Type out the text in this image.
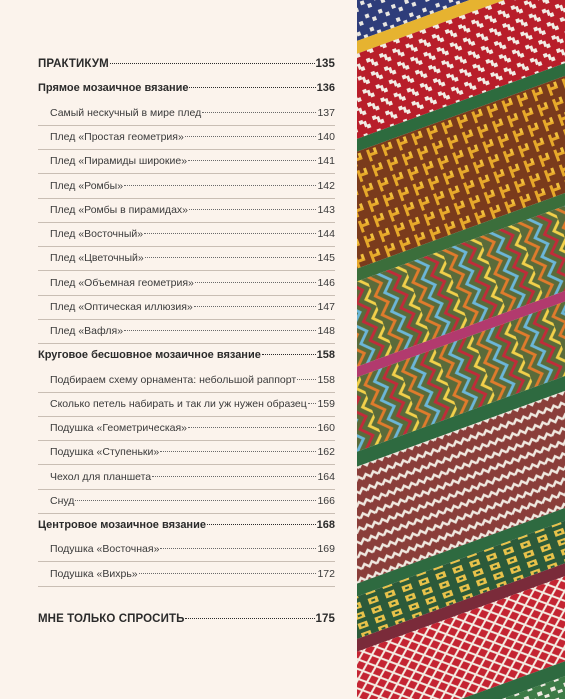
ПРАКТИКУМ	135
Прямое мозаичное вязание	136
Самый нескучный в мире плед	137
Плед «Простая геометрия»	140
Плед «Пирамиды широкие»	141
Плед «Ромбы»	142
Плед «Ромбы в пирамидах»	143
Плед «Восточный»	144
Плед «Цветочный»	145
Плед «Объемная геометрия»	146
Плед «Оптическая иллюзия»	147
Плед «Вафля»	148
Круговое бесшовное мозаичное вязание	158
Подбираем схему орнамента: небольшой раппорт 158
Сколько петель набирать и так ли уж нужен образец 159
Подушка «Геометрическая»	160
Подушка «Ступеньки»	162
Чехол для планшета	164
Снуд	166
Центровое мозаичное вязание	168
Подушка «Восточная»	169
Подушка «Вихрь»	172
МНЕ ТОЛЬКО СПРОСИТЬ	175
